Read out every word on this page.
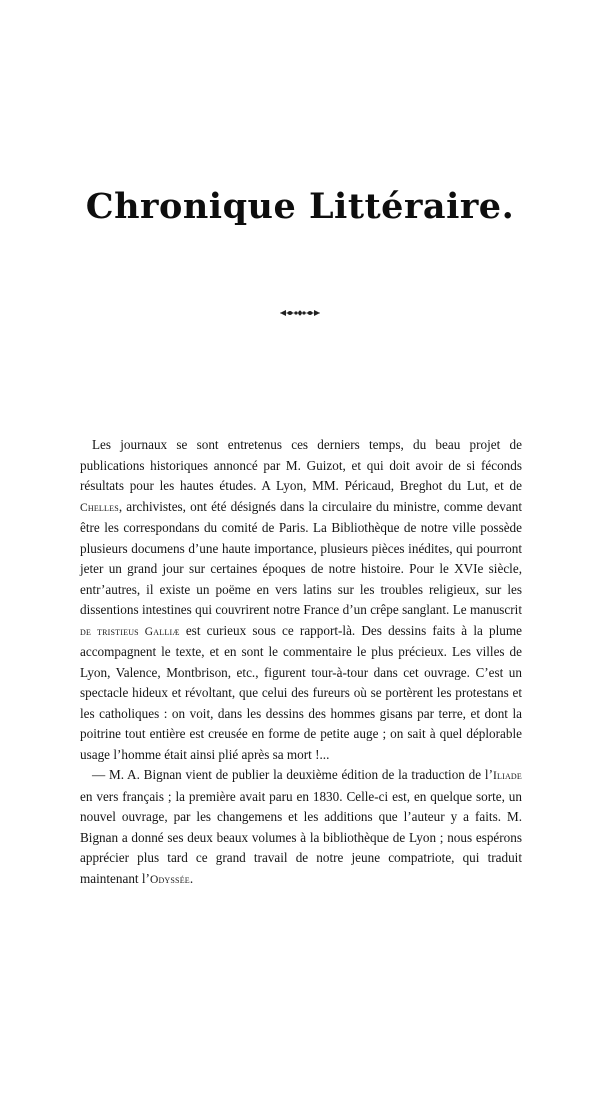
Chronique Littéraire.

Les journaux se sont entretenus ces derniers temps, du beau projet de publications historiques annoncé par M. Guizot, et qui doit avoir de si féconds résultats pour les hautes études. A Lyon, MM. Péricaud, Breghot du Lut, et de Chelles, archivistes, ont été désignés dans la circulaire du ministre, comme devant être les correspondans du comité de Paris. La Bibliothèque de notre ville possède plusieurs documens d’une haute importance, plusieurs pièces inédites, qui pourront jeter un grand jour sur certaines époques de notre histoire. Pour le XVIe siècle, entr’autres, il existe un poëme en vers latins sur les troubles religieux, sur les dissentions intestines qui couvrirent notre France d’un crêpe sanglant. Le manuscrit de tristieus Galliæ est curieux sous ce rapport-là. Des dessins faits à la plume accompagnent le texte, et en sont le commentaire le plus précieux. Les villes de Lyon, Valence, Montbrison, etc., figurent tour-à-tour dans cet ouvrage. C’est un spectacle hideux et révoltant, que celui des fureurs où se portèrent les protestans et les catholiques : on voit, dans les dessins des hommes gisans par terre, et dont la poitrine tout entière est creusée en forme de petite auge ; on sait à quel déplorable usage l’homme était ainsi plié après sa mort !...

— M. A. Bignan vient de publier la deuxième édition de la traduction de l’Iliade en vers français ; la première avait paru en 1830. Celle-ci est, en quelque sorte, un nouvel ouvrage, par les changemens et les additions que l’auteur y a faits. M. Bignan a donné ses deux beaux volumes à la bibliothèque de Lyon ; nous espérons apprécier plus tard ce grand travail de notre jeune compatriote, qui traduit maintenant l’Odyssée.
